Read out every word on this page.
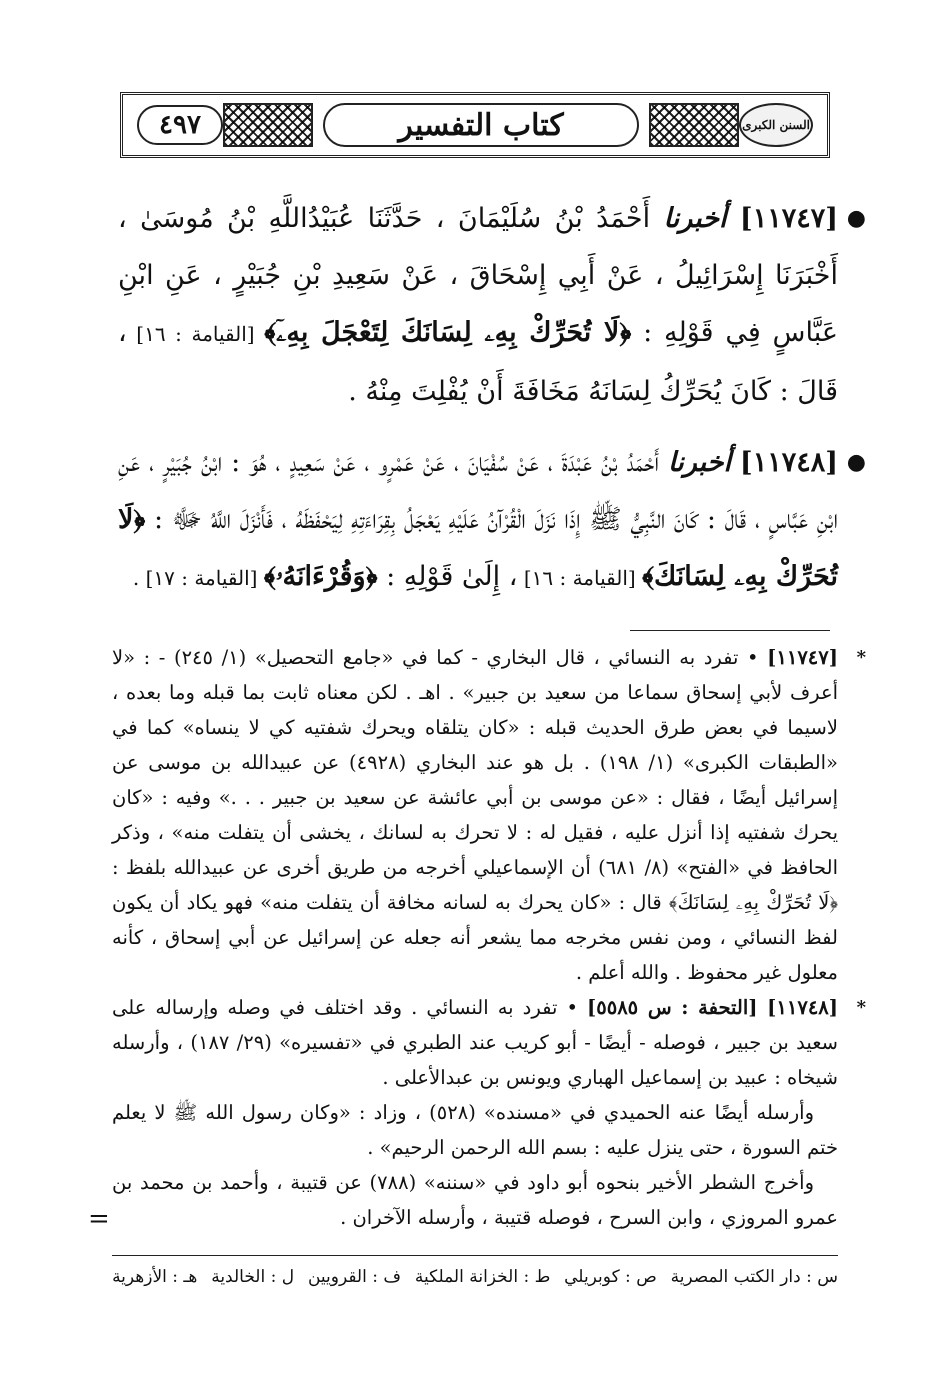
٤٩٧	كتاب التفسير	السنن الكبرى
●
[١١٧٤٧] أخبرنا أَحْمَدُ بْنُ سُلَيْمَانَ ، حَدَّثَنَا عُبَيْدُاللَّهِ بْنُ مُوسَىٰ ، أَخْبَرَنَا إِسْرَائِيلُ ، عَنْ أَبِي إِسْحَاقَ ، عَنْ سَعِيدِ بْنِ جُبَيْرٍ ، عَنِ ابْنِ عَبَّاسٍ فِي قَوْلِهِ : ﴿لَا تُحَرِّكْ بِهِۦ لِسَانَكَ لِتَعْجَلَ بِهِۦٓ﴾ [القيامة : ١٦] ، قَالَ : كَانَ يُحَرِّكُ لِسَانَهُ مَخَافَةَ أَنْ يُفْلِتَ مِنْهُ .
●
[١١٧٤٨] أخبرنا أَحْمَدُ بْنُ عَبْدَةَ ، عَنْ سُفْيَانَ ، عَنْ عَمْرٍو ، عَنْ سَعِيدٍ ، هُوَ : ابْنُ جُبَيْرٍ ، عَنِ ابْنِ عَبَّاسٍ ، قَالَ : كَانَ النَّبِيُّ ﷺ إِذَا نَزَلَ الْقُرْآنُ عَلَيْهِ يَعْجَلُ بِقِرَاءَتِهِ لِيَحْفَظَهُ ، فَأَنْزَلَ اللَّهُ ﷻ : ﴿لَا تُحَرِّكْ بِهِۦ لِسَانَكَ﴾ [القيامة : ١٦] ، إِلَىٰ قَوْلِهِ : ﴿وَقُرْءَانَهُۥ﴾ [القيامة : ١٧] .
*

[١١٧٤٧] • تفرد به النسائي ، قال البخاري - كما في «جامع التحصيل» (١/ ٢٤٥) - : «لا أعرف لأبي إسحاق سماعا من سعيد بن جبير» . اهـ . لكن معناه ثابت بما قبله وما بعده ، لاسيما في بعض طرق الحديث قبله : «كان يتلقاه ويحرك شفتيه كي لا ينساه» كما في «الطبقات الكبرى» (١/ ١٩٨) . بل هو عند البخاري (٤٩٢٨) عن عبيدالله بن موسى عن إسرائيل أيضًا ، فقال : «عن موسى بن أبي عائشة عن سعيد بن جبير . . .» وفيه : «كان يحرك شفتيه إذا أنزل عليه ، فقيل له : لا تحرك به لسانك ، يخشى أن يتفلت منه» ، وذكر الحافظ في «الفتح» (٨/ ٦٨١) أن الإسماعيلي أخرجه من طريق أخرى عن عبيدالله بلفظ : ﴿لَا تُحَرِّكْ بِهِۦ لِسَانَكَ﴾ قال : «كان يحرك به لسانه مخافة أن يتفلت منه» فهو يكاد أن يكون لفظ النسائي ، ومن نفس مخرجه مما يشعر أنه جعله عن إسرائيل عن أبي إسحاق ، كأنه معلول غير محفوظ . والله أعلم .

*

[١١٧٤٨] [التحفة : س ٥٥٨٥] • تفرد به النسائي . وقد اختلف في وصله وإرساله على سعيد بن جبير ، فوصله - أيضًا - أبو كريب عند الطبري في «تفسيره» (٢٩/ ١٨٧) ، وأرسله شيخاه : عبيد بن إسماعيل الهباري ويونس بن عبدالأعلى .

وأرسله أيضًا عنه الحميدي في «مسنده» (٥٢٨) ، وزاد : «وكان رسول الله ﷺ لا يعلم ختم السورة ، حتى ينزل عليه : بسم الله الرحمن الرحيم» .

وأخرج الشطر الأخير بنحوه أبو داود في «سننه» (٧٨٨) عن قتيبة ، وأحمد بن محمد بن عمرو المروزي ، وابن السرح ، فوصله قتيبة ، وأرسله الآخران .

=
س : دار الكتب المصرية
ص : كوبريلي
ط : الخزانة الملكية
ف : القرويين
ل : الخالدية
هـ : الأزهرية
